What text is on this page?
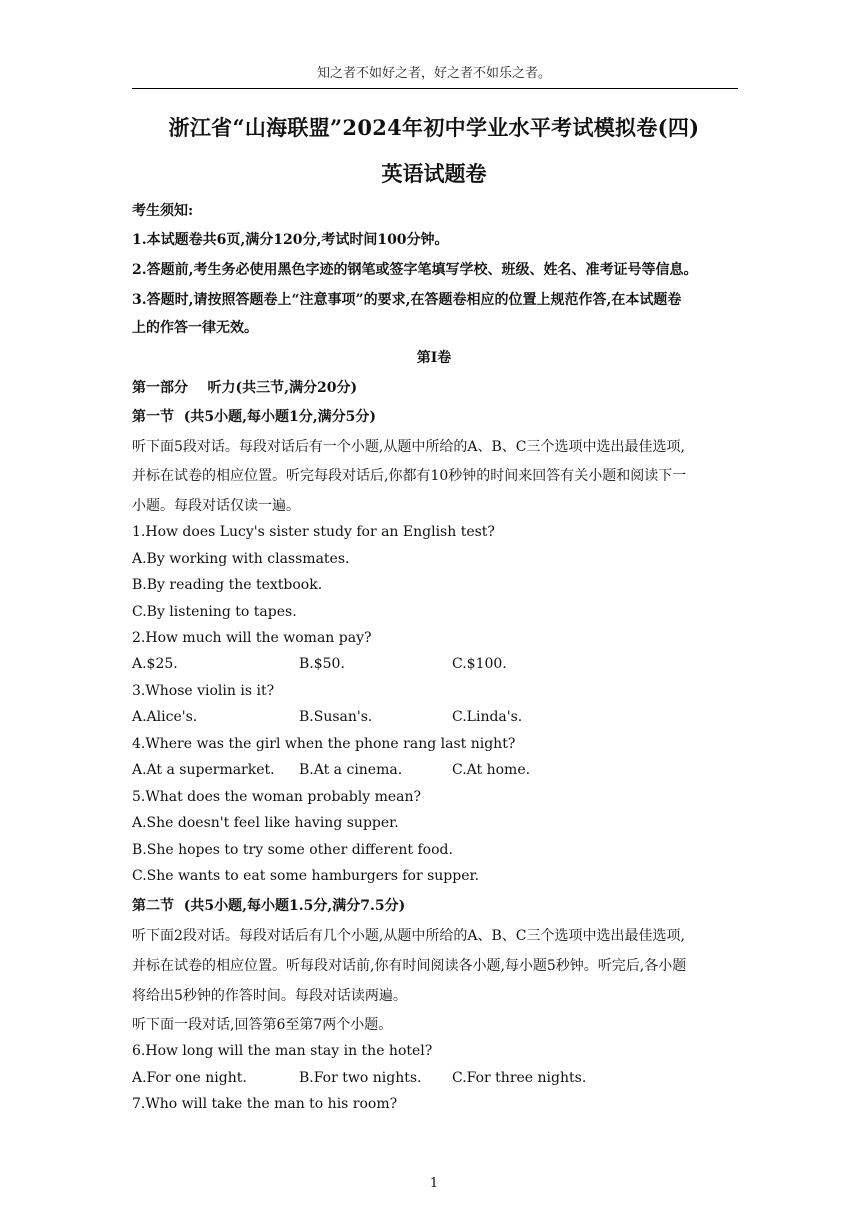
知之者不如好之者，好之者不如乐之者。
浙江省“山海联盟”2024年初中学业水平考试模拟卷(四)
英语试题卷
考生须知:
1.本试题卷共6页,满分120分,考试时间100分钟。
2.答题前,考生务必使用黑色字迹的钢笔或签字笔填写学校、班级、姓名、准考证号等信息。
3.答题时,请按照答题卷上“注意事项”的要求,在答题卷相应的位置上规范作答,在本试题卷
上的作答一律无效。
第Ⅰ卷
第一部分    听力(共三节,满分20分)
第一节  (共5小题,每小题1分,满分5分)
听下面5段对话。每段对话后有一个小题,从题中所给的A、B、C三个选项中选出最佳选项,
并标在试卷的相应位置。听完每段对话后,你都有10秒钟的时间来回答有关小题和阅读下一
小题。每段对话仅读一遍。
1.How does Lucy's sister study for an English test?
A.By working with classmates.
B.By reading the textbook.
C.By listening to tapes.
2.How much will the woman pay?
A.$25.	B.$50.	C.$100.
3.Whose violin is it?
A.Alice's.	B.Susan's.	C.Linda's.
4.Where was the girl when the phone rang last night?
A.At a supermarket. B.At a cinema.	C.At home.
5.What does the woman probably mean?
A.She doesn't feel like having supper.
B.She hopes to try some other different food.
C.She wants to eat some hamburgers for supper.
第二节  (共5小题,每小题1.5分,满分7.5分)
听下面2段对话。每段对话后有几个小题,从题中所给的A、B、C三个选项中选出最佳选项,
并标在试卷的相应位置。听每段对话前,你有时间阅读各小题,每小题5秒钟。听完后,各小题
将给出5秒钟的作答时间。每段对话读两遍。
听下面一段对话,回答第6至第7两个小题。
6.How long will the man stay in the hotel?
A.For one night.	B.For two nights. C.For three nights.
7.Who will take the man to his room?
1
